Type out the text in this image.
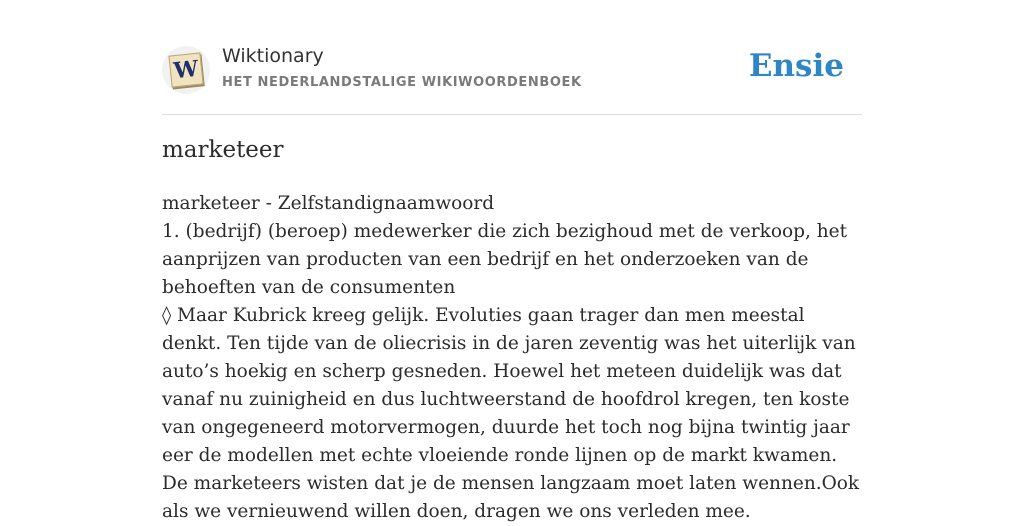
W Wiktionary
HET NEDERLANDSTALIGE WIKIWOORDENBOEK	Ensie
marketeer

marketeer - Zelfstandignaamwoord

1. (bedrijf) (beroep) medewerker die zich bezighoud met de verkoop, het aanprijzen van producten van een bedrijf en het onderzoeken van de behoeften van de consumenten

◊ Maar Kubrick kreeg gelijk. Evoluties gaan trager dan men meestal denkt. Ten tijde van de oliecrisis in de jaren zeventig was het uiterlijk van auto’s hoekig en scherp gesneden. Hoewel het meteen duidelijk was dat vanaf nu zuinigheid en dus luchtweerstand de hoofdrol kregen, ten koste van ongegeneerd motorvermogen, duurde het toch nog bijna twintig jaar eer de modellen met echte vloeiende ronde lijnen op de markt kwamen. De marketeers wisten dat je de mensen langzaam moet laten wennen.Ook als we vernieuwend willen doen, dragen we ons verleden mee.
